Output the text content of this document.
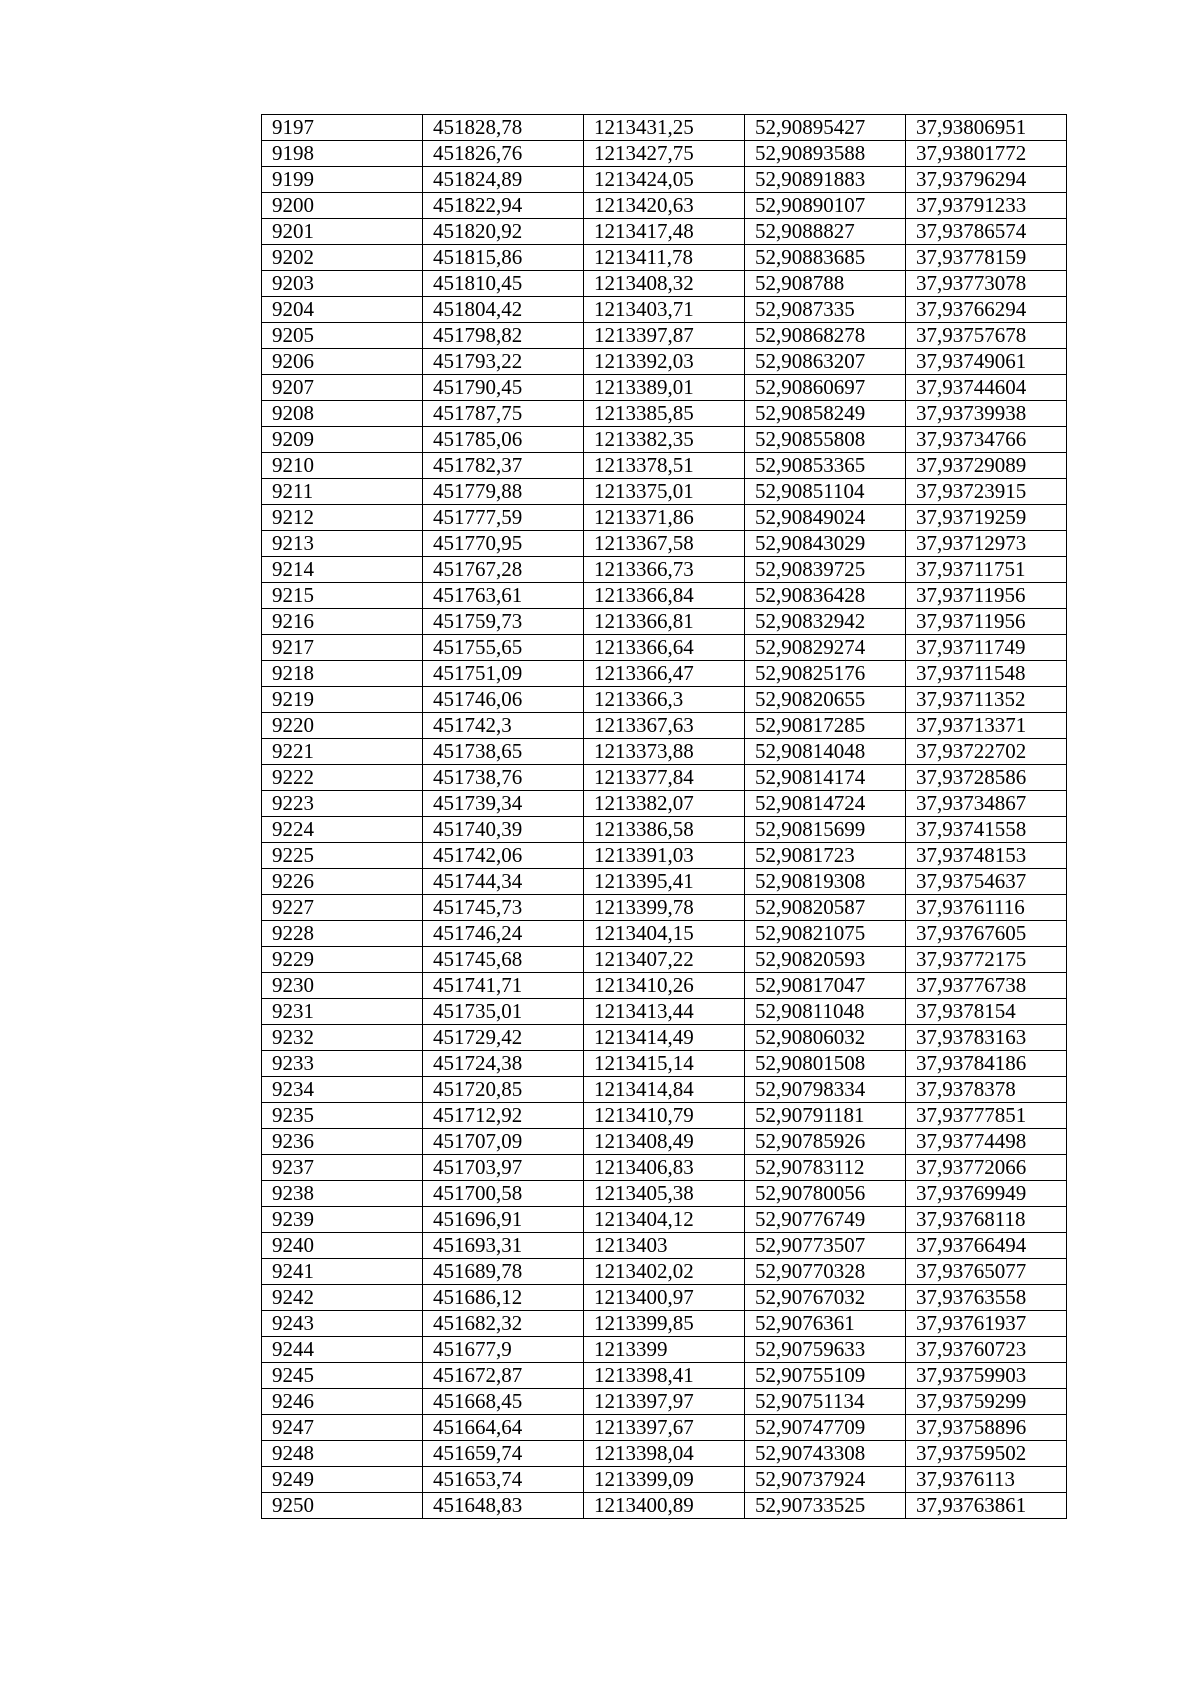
9197	451828,78	1213431,25	52,90895427	37,93806951
9198	451826,76	1213427,75	52,90893588	37,93801772
9199	451824,89	1213424,05	52,90891883	37,93796294
9200	451822,94	1213420,63	52,90890107	37,93791233
9201	451820,92	1213417,48	52,9088827	37,93786574
9202	451815,86	1213411,78	52,90883685	37,93778159
9203	451810,45	1213408,32	52,908788	37,93773078
9204	451804,42	1213403,71	52,9087335	37,93766294
9205	451798,82	1213397,87	52,90868278	37,93757678
9206	451793,22	1213392,03	52,90863207	37,93749061
9207	451790,45	1213389,01	52,90860697	37,93744604
9208	451787,75	1213385,85	52,90858249	37,93739938
9209	451785,06	1213382,35	52,90855808	37,93734766
9210	451782,37	1213378,51	52,90853365	37,93729089
9211	451779,88	1213375,01	52,90851104	37,93723915
9212	451777,59	1213371,86	52,90849024	37,93719259
9213	451770,95	1213367,58	52,90843029	37,93712973
9214	451767,28	1213366,73	52,90839725	37,93711751
9215	451763,61	1213366,84	52,90836428	37,93711956
9216	451759,73	1213366,81	52,90832942	37,93711956
9217	451755,65	1213366,64	52,90829274	37,93711749
9218	451751,09	1213366,47	52,90825176	37,93711548
9219	451746,06	1213366,3	52,90820655	37,93711352
9220	451742,3	1213367,63	52,90817285	37,93713371
9221	451738,65	1213373,88	52,90814048	37,93722702
9222	451738,76	1213377,84	52,90814174	37,93728586
9223	451739,34	1213382,07	52,90814724	37,93734867
9224	451740,39	1213386,58	52,90815699	37,93741558
9225	451742,06	1213391,03	52,9081723	37,93748153
9226	451744,34	1213395,41	52,90819308	37,93754637
9227	451745,73	1213399,78	52,90820587	37,93761116
9228	451746,24	1213404,15	52,90821075	37,93767605
9229	451745,68	1213407,22	52,90820593	37,93772175
9230	451741,71	1213410,26	52,90817047	37,93776738
9231	451735,01	1213413,44	52,90811048	37,9378154
9232	451729,42	1213414,49	52,90806032	37,93783163
9233	451724,38	1213415,14	52,90801508	37,93784186
9234	451720,85	1213414,84	52,90798334	37,9378378
9235	451712,92	1213410,79	52,90791181	37,93777851
9236	451707,09	1213408,49	52,90785926	37,93774498
9237	451703,97	1213406,83	52,90783112	37,93772066
9238	451700,58	1213405,38	52,90780056	37,93769949
9239	451696,91	1213404,12	52,90776749	37,93768118
9240	451693,31	1213403	52,90773507	37,93766494
9241	451689,78	1213402,02	52,90770328	37,93765077
9242	451686,12	1213400,97	52,90767032	37,93763558
9243	451682,32	1213399,85	52,9076361	37,93761937
9244	451677,9	1213399	52,90759633	37,93760723
9245	451672,87	1213398,41	52,90755109	37,93759903
9246	451668,45	1213397,97	52,90751134	37,93759299
9247	451664,64	1213397,67	52,90747709	37,93758896
9248	451659,74	1213398,04	52,90743308	37,93759502
9249	451653,74	1213399,09	52,90737924	37,9376113
9250	451648,83	1213400,89	52,90733525	37,93763861
